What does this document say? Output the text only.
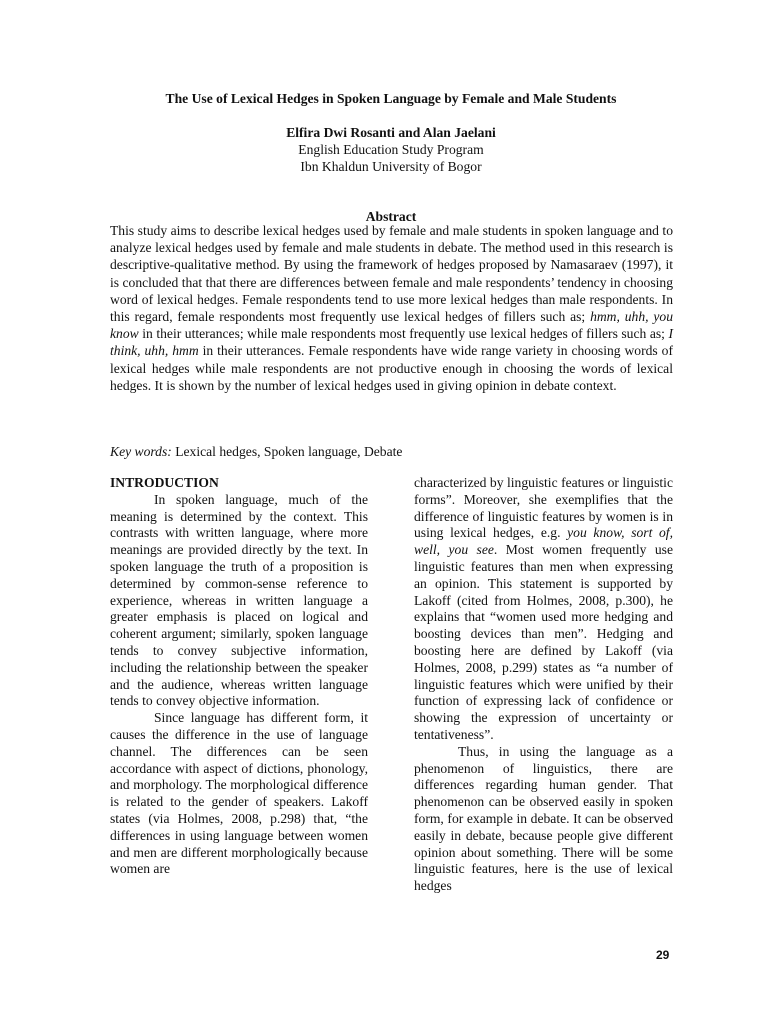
The Use of Lexical Hedges in Spoken Language by Female and Male Students
Elfira Dwi Rosanti and Alan Jaelani
English Education Study Program
Ibn Khaldun University of Bogor
Abstract
This study aims to describe lexical hedges used by female and male students in spoken language and to analyze lexical hedges used by female and male students in debate. The method used in this research is descriptive-qualitative method. By using the framework of hedges proposed by Namasaraev (1997), it is concluded that that there are differences between female and male respondents’ tendency in choosing word of lexical hedges. Female respondents tend to use more lexical hedges than male respondents. In this regard, female respondents most frequently use lexical hedges of fillers such as; hmm, uhh, you know in their utterances; while male respondents most frequently use lexical hedges of fillers such as; I think, uhh, hmm in their utterances. Female respondents have wide range variety in choosing words of lexical hedges while male respondents are not productive enough in choosing the words of lexical hedges. It is shown by the number of lexical hedges used in giving opinion in debate context.
Key words: Lexical hedges, Spoken language, Debate
INTRODUCTION

In spoken language, much of the meaning is determined by the context. This contrasts with written language, where more meanings are provided directly by the text. In spoken language the truth of a proposition is determined by common-sense reference to experience, whereas in written language a greater emphasis is placed on logical and coherent argument; similarly, spoken language tends to convey subjective information, including the relationship between the speaker and the audience, whereas written language tends to convey objective information.

Since language has different form, it causes the difference in the use of language channel. The differences can be seen accordance with aspect of dictions, phonology, and morphology. The morphological difference is related to the gender of speakers. Lakoff states (via Holmes, 2008, p.298) that, “the differences in using language between women and men are different morphologically because women are

characterized by linguistic features or linguistic forms”. Moreover, she exemplifies that the difference of linguistic features by women is in using lexical hedges, e.g. you know, sort of, well, you see. Most women frequently use linguistic features than men when expressing an opinion. This statement is supported by Lakoff (cited from Holmes, 2008, p.300), he explains that “women used more hedging and boosting devices than men”. Hedging and boosting here are defined by Lakoff (via Holmes, 2008, p.299) states as “a number of linguistic features which were unified by their function of expressing lack of confidence or showing the expression of uncertainty or tentativeness”.

Thus, in using the language as a phenomenon of linguistics, there are differences regarding human gender. That phenomenon can be observed easily in spoken form, for example in debate. It can be observed easily in debate, because people give different opinion about something. There will be some linguistic features, here is the use of lexical hedges

29
